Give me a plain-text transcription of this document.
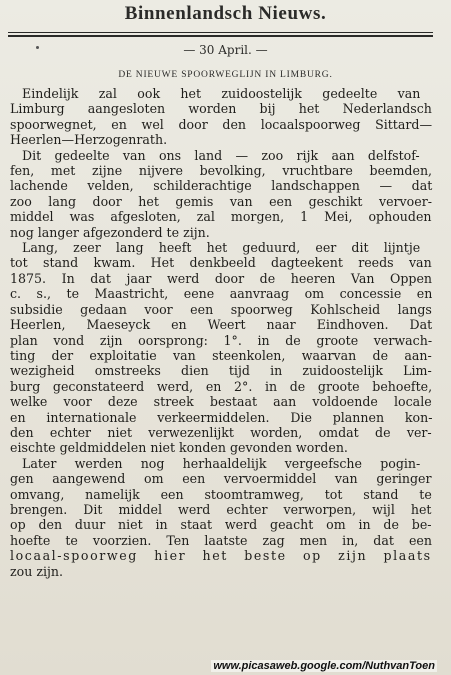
Binnenlandsch Nieuws.
— 30 April. —
DE NIEUWE SPOORWEGLIJN IN LIMBURG.
Eindelijk zal ook het zuidoostelijk gedeelte van
Limburg aangesloten worden bij het Nederlandsch
spoorwegnet, en wel door den locaalspoorweg Sittard—
Heerlen—Herzogenrath.
Dit gedeelte van ons land — zoo rijk aan delfstof-
fen, met zijne nijvere bevolking, vruchtbare beemden,
lachende velden, schilderachtige landschappen — dat
zoo lang door het gemis van een geschikt vervoer-
middel was afgesloten, zal morgen, 1 Mei, ophouden
nog langer afgezonderd te zijn.
Lang, zeer lang heeft het geduurd, eer dit lijntje
tot stand kwam. Het denkbeeld dagteekent reeds van
1875. In dat jaar werd door de heeren Van Oppen
c. s., te Maastricht, eene aanvraag om concessie en
subsidie gedaan voor een spoorweg Kohlscheid langs
Heerlen, Maeseyck en Weert naar Eindhoven. Dat
plan vond zijn oorsprong: 1°. in de groote verwach-
ting der exploitatie van steenkolen, waarvan de aan-
wezigheid omstreeks dien tijd in zuidoostelijk Lim-
burg geconstateerd werd, en 2°. in de groote behoefte,
welke voor deze streek bestaat aan voldoende locale
en internationale verkeermiddelen. Die plannen kon-
den echter niet verwezenlijkt worden, omdat de ver-
eischte geldmiddelen niet konden gevonden worden.
Later werden nog herhaaldelijk vergeefsche pogin-
gen aangewend om een vervoermiddel van geringer
omvang, namelijk een stoomtramweg, tot stand te
brengen. Dit middel werd echter verworpen, wijl het
op den duur niet in staat werd geacht om in de be-
hoefte te voorzien. Ten laatste zag men in, dat een
locaal-spoorweg hier het beste op zijn plaats
zou zijn.
www.picasaweb.google.com/NuthvanToen
